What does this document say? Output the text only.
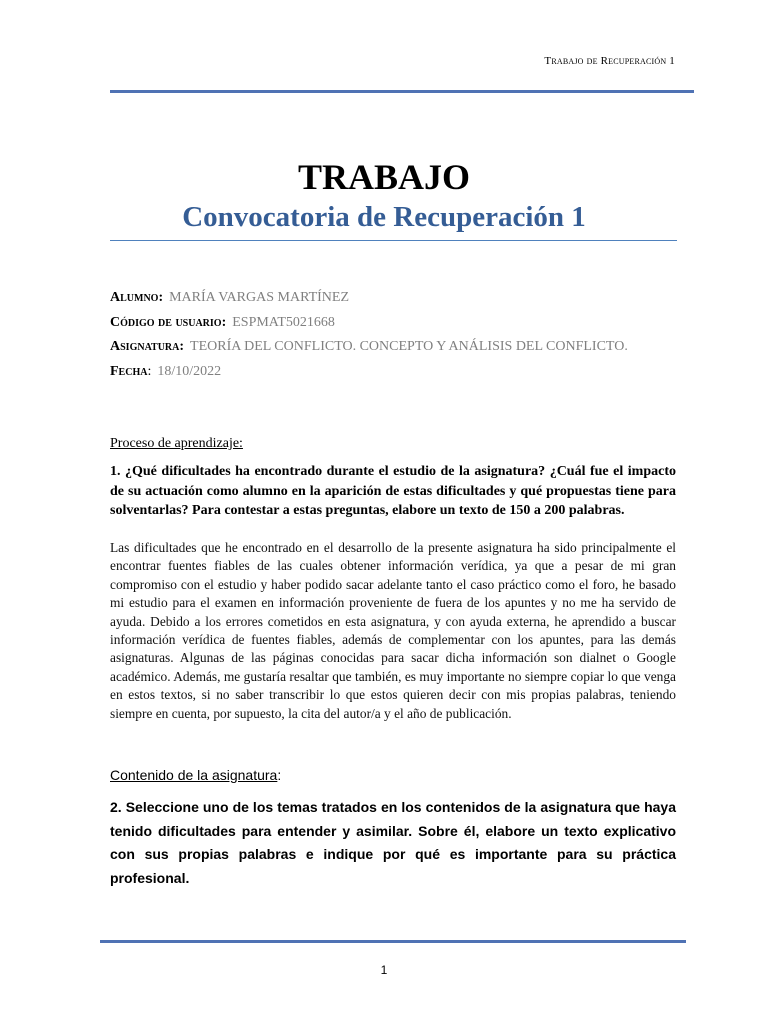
Trabajo de Recuperación 1
TRABAJO
Convocatoria de Recuperación 1
Alumno: MARÍA VARGAS MARTÍNEZ
Código de usuario: ESPMAT5021668
Asignatura: TEORÍA DEL CONFLICTO. CONCEPTO Y ANÁLISIS DEL CONFLICTO.
Fecha: 18/10/2022
Proceso de aprendizaje:
1. ¿Qué dificultades ha encontrado durante el estudio de la asignatura? ¿Cuál fue el impacto de su actuación como alumno en la aparición de estas dificultades y qué propuestas tiene para solventarlas? Para contestar a estas preguntas, elabore un texto de 150 a 200 palabras.
Las dificultades que he encontrado en el desarrollo de la presente asignatura ha sido principalmente el encontrar fuentes fiables de las cuales obtener información verídica, ya que a pesar de mi gran compromiso con el estudio y haber podido sacar adelante tanto el caso práctico como el foro, he basado mi estudio para el examen en información proveniente de fuera de los apuntes y no me ha servido de ayuda. Debido a los errores cometidos en esta asignatura, y con ayuda externa, he aprendido a buscar información verídica de fuentes fiables, además de complementar con los apuntes, para las demás asignaturas. Algunas de las páginas conocidas para sacar dicha información son dialnet o Google académico. Además, me gustaría resaltar que también, es muy importante no siempre copiar lo que venga en estos textos, si no saber transcribir lo que estos quieren decir con mis propias palabras, teniendo siempre en cuenta, por supuesto, la cita del autor/a y el año de publicación.
Contenido de la asignatura:
2. Seleccione uno de los temas tratados en los contenidos de la asignatura que haya tenido dificultades para entender y asimilar. Sobre él, elabore un texto explicativo con sus propias palabras e indique por qué es importante para su práctica profesional.
1
